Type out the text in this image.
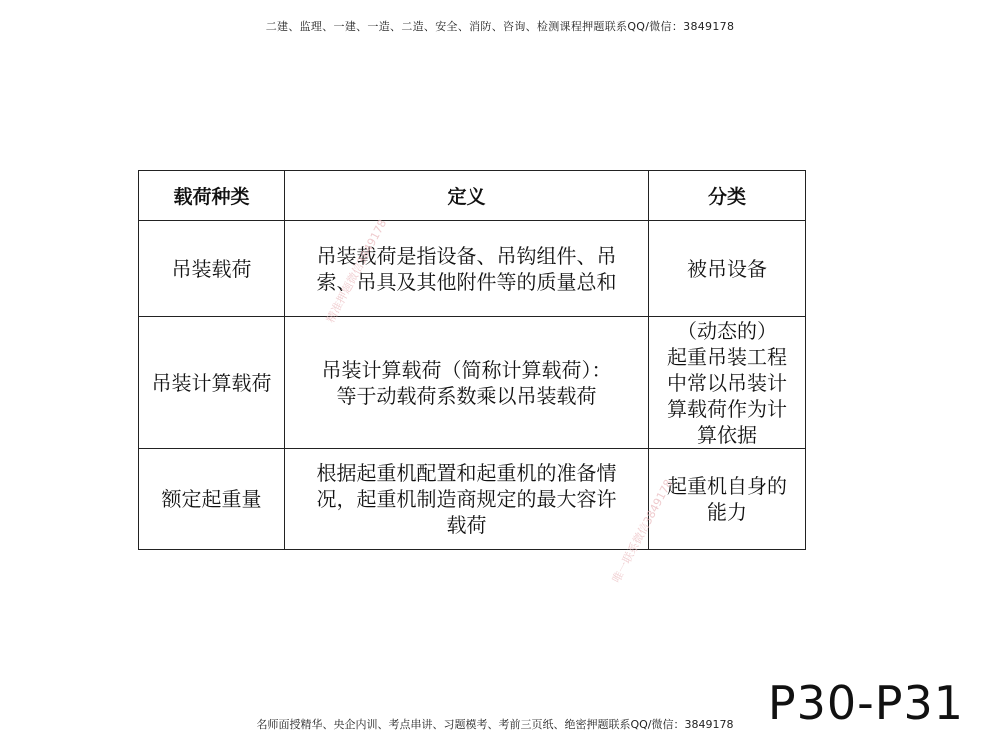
二建、监理、一建、一造、二造、安全、消防、咨询、检测课程押题联系QQ/微信：3849178
载荷种类	定义	分类
吊装载荷	吊装载荷是指设备、吊钩组件、吊
索、吊具及其他附件等的质量总和	被吊设备
吊装计算载荷	吊装计算载荷（简称计算载荷）：
等于动载荷系数乘以吊装载荷	（动态的）
起重吊装工程
中常以吊装计
算载荷作为计
算依据
额定起重量	根据起重机配置和起重机的准备情
况，起重机制造商规定的最大容许
载荷	起重机自身的
能力
精准押题微信3849178
唯一联系微信3849178
名师面授精华、央企内训、考点串讲、习题模考、考前三页纸、绝密押题联系QQ/微信：3849178 P30-P31
